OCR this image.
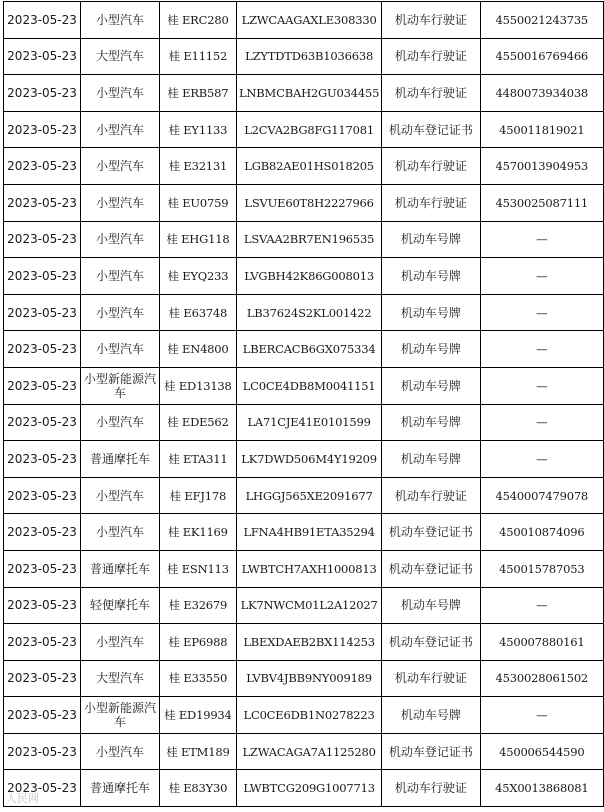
2023-05-23	小型汽车	桂 ERC280	LZWCAAGAXLE308330	机动车行驶证	4550021243735
2023-05-23	大型汽车	桂 E11152	LZYTDTD63B1036638	机动车行驶证	4550016769466
2023-05-23	小型汽车	桂 ERB587	LNBMCBAH2GU034455	机动车行驶证	4480073934038
2023-05-23	小型汽车	桂 EY1133	L2CVA2BG8FG117081	机动车登记证书	450011819021
2023-05-23	小型汽车	桂 E32131	LGB82AE01HS018205	机动车行驶证	4570013904953
2023-05-23	小型汽车	桂 EU0759	LSVUE60T8H2227966	机动车行驶证	4530025087111
2023-05-23	小型汽车	桂 EHG118	LSVAA2BR7EN196535	机动车号牌	—
2023-05-23	小型汽车	桂 EYQ233	LVGBH42K86G008013	机动车号牌	—
2023-05-23	小型汽车	桂 E63748	LB37624S2KL001422	机动车号牌	—
2023-05-23	小型汽车	桂 EN4800	LBERCACB6GX075334	机动车号牌	—
2023-05-23	小型新能源汽车	桂 ED13138	LC0CE4DB8M0041151	机动车号牌	—
2023-05-23	小型汽车	桂 EDE562	LA71CJE41E0101599	机动车号牌	—
2023-05-23	普通摩托车	桂 ETA311	LK7DWD506M4Y19209	机动车号牌	—
2023-05-23	小型汽车	桂 EFJ178	LHGGJ565XE2091677	机动车行驶证	4540007479078
2023-05-23	小型汽车	桂 EK1169	LFNA4HB91ETA35294	机动车登记证书	450010874096
2023-05-23	普通摩托车	桂 ESN113	LWBTCH7AXH1000813	机动车登记证书	450015787053
2023-05-23	轻便摩托车	桂 E32679	LK7NWCM01L2A12027	机动车号牌	—
2023-05-23	小型汽车	桂 EP6988	LBEXDAEB2BX114253	机动车登记证书	450007880161
2023-05-23	大型汽车	桂 E33550	LVBV4JBB9NY009189	机动车行驶证	4530028061502
2023-05-23	小型新能源汽车	桂 ED19934	LC0CE6DB1N0278223	机动车号牌	—
2023-05-23	小型汽车	桂 ETM189	LZWACAGA7A1125280	机动车登记证书	450006544590
2023-05-23	普通摩托车	桂 E83Y30	LWBTCG209G1007713	机动车行驶证	45X0013868081
人民网
